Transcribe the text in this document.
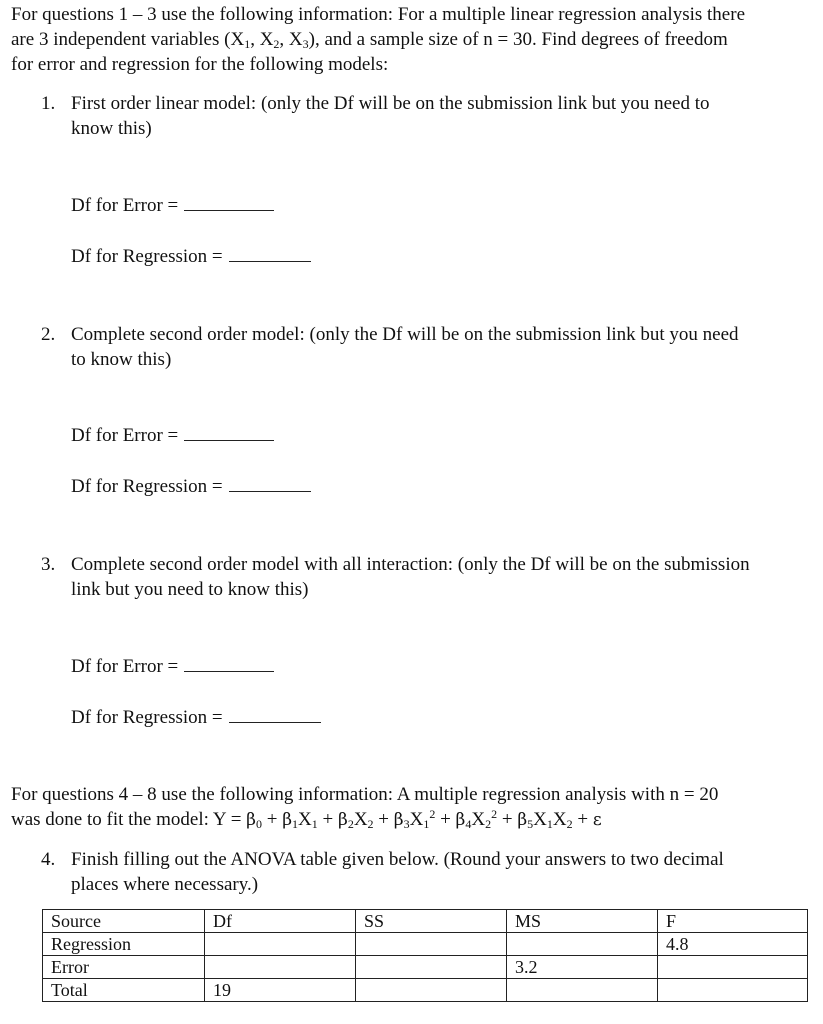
For questions 1 – 3 use the following information: For a multiple linear regression analysis there
are 3 independent variables ($X_1$, $X_2$, $X_3$), and a sample size of n = 30. Find degrees of freedom
for error and regression for the following models:
1. First order linear model: (only the Df will be on the submission link but you need to
know this)
Df for Error =
Df for Regression =
2. Complete second order model: (only the Df will be on the submission link but you need
to know this)
Df for Error =
Df for Regression =
3. Complete second order model with all interaction: (only the Df will be on the submission
link but you need to know this)
Df for Error =
Df for Regression =
For questions 4 – 8 use the following information: A multiple regression analysis with n = 20
was done to fit the model: $Y = \beta_0 + \beta_1X_1 + \beta_2X_2 + \beta_3X_1^2 + \beta_4X_2^2 + \beta_5X_1X_2 + \varepsilon$
4. Finish filling out the ANOVA table given below. (Round your answers to two decimal
places where necessary.)
Source	Df	SS	MS	F
Regression				4.8
Error			3.2	
Total	19			
